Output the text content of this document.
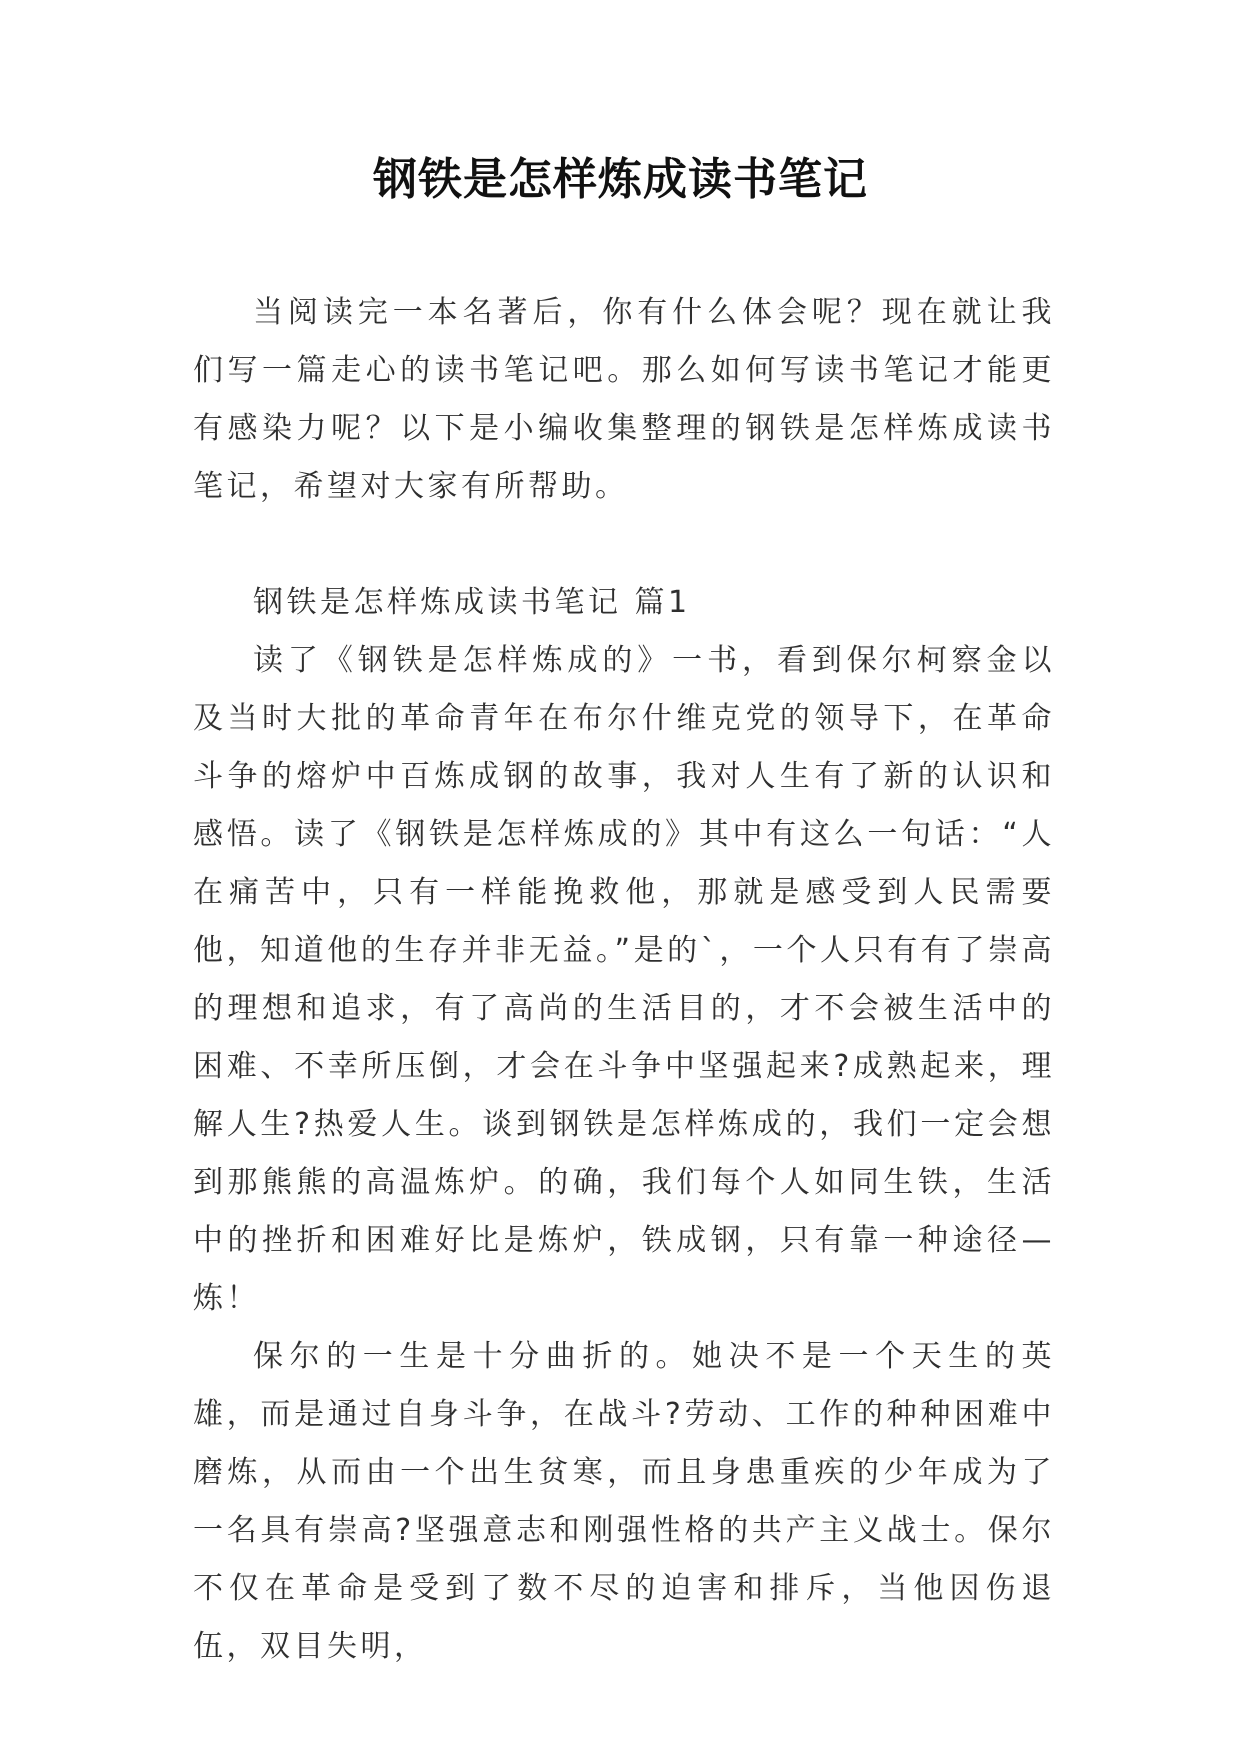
钢铁是怎样炼成读书笔记

当阅读完一本名著后，你有什么体会呢？现在就让我们写一篇走心的读书笔记吧。那么如何写读书笔记才能更有感染力呢？以下是小编收集整理的钢铁是怎样炼成读书笔记，希望对大家有所帮助。

钢铁是怎样炼成读书笔记 篇1

读了《钢铁是怎样炼成的》一书，看到保尔柯察金以及当时大批的革命青年在布尔什维克党的领导下，在革命斗争的熔炉中百炼成钢的故事，我对人生有了新的认识和感悟。读了《钢铁是怎样炼成的》其中有这么一句话：“人在痛苦中，只有一样能挽救他，那就是感受到人民需要他，知道他的生存并非无益。”是的`，一个人只有有了崇高的理想和追求，有了高尚的生活目的，才不会被生活中的困难、不幸所压倒，才会在斗争中坚强起来?成熟起来，理解人生?热爱人生。谈到钢铁是怎样炼成的，我们一定会想到那熊熊的高温炼炉。的确，我们每个人如同生铁，生活中的挫折和困难好比是炼炉，铁成钢，只有靠一种途径—炼！

保尔的一生是十分曲折的。她决不是一个天生的英雄，而是通过自身斗争，在战斗?劳动、工作的种种困难中磨炼，从而由一个出生贫寒，而且身患重疾的少年成为了一名具有崇高?坚强意志和刚强性格的共产主义战士。保尔不仅在革命是受到了数不尽的迫害和排斥，当他因伤退伍，双目失明，
